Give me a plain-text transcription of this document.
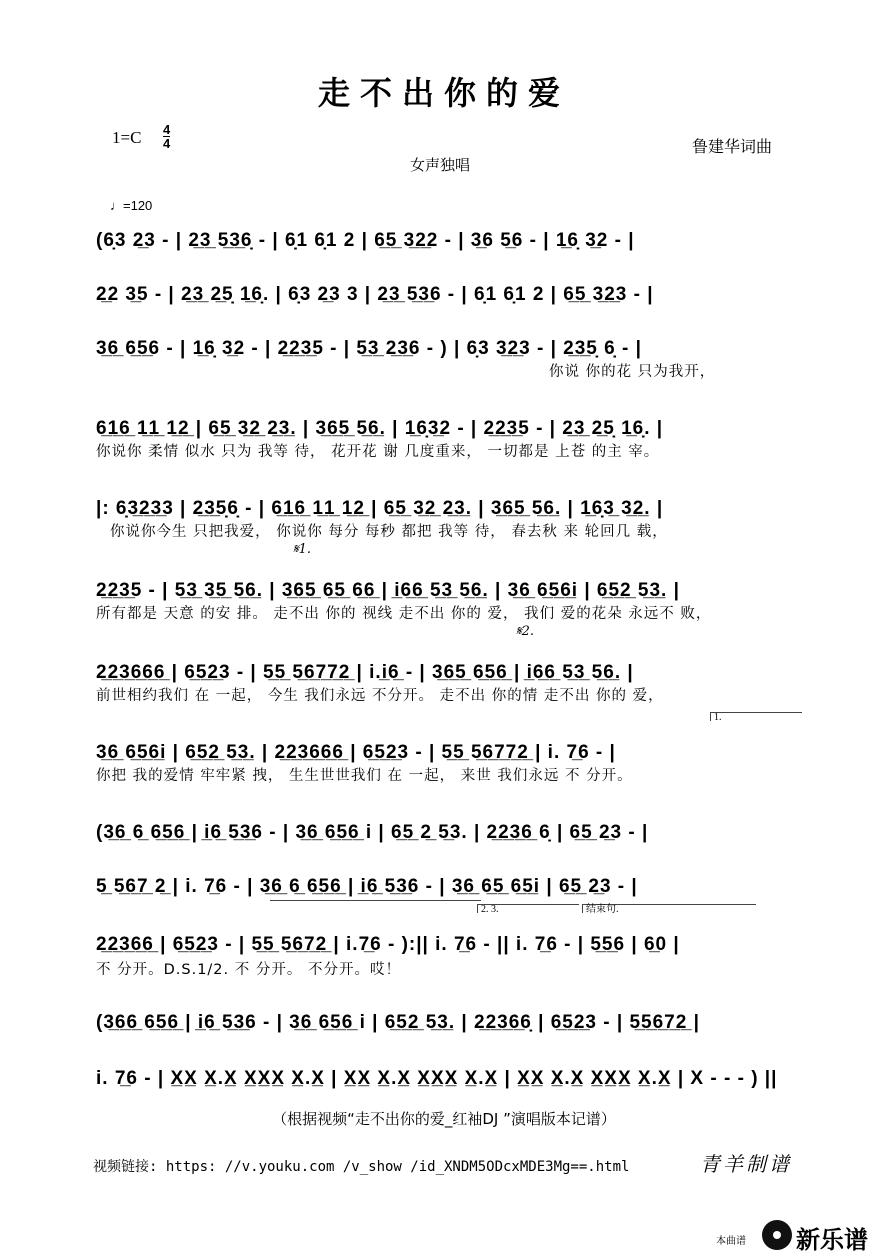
走不出你的爱
1=C 4
4	鲁建华词曲
女声独唱
♩=120
(6̣3 2̲3 - | 2̲3̲ 5̲3̲6̣ - | 6̣1 6̣1 2 | 6̲5̲ 3̲2̲2 - | 3̲6 5̲6 - | 1̲6̣ 3̲2 - |
2̲2 3̲5 - | 2̲3̲ 2̲5̣ 1̲6̣. | 6̣3 2̲3 3 | 2̲3̲ 5̲3̲6 - | 6̣1 6̣1 2 | 6̲5̲ 3̲2̲3 - |
3̲6̲ 6̲5̲6 - | 1̲6̣ 3̲2 - | 2̲2̲3̲5 - | 5̲3̲ 2̲3̲6 - ) | 6̣3 3̲2̲3 - | 2̲3̲5̣ 6̣ - |
你说 你的花 只为我开，
6̲1̲6̲ 1̲1̲ 1̲2̲ | 6̲5̲ 3̲2̲ 2̲3̲. | 3̲6̲5̲ 5̲6̲. | 1̲6̣3̲2 - | 2̲2̲3̲5 - | 2̲3̲ 2̲5̣ 1̲6̣. |
你说你 柔情 似水 只为 我等 待， 花开花 谢 几度重来， 一切都是 上苍 的主 宰。
|: 6̣3̲2̲3̲3 | 2̲3̲5̣6̣ - | 6̲1̲6̲ 1̲1̲ 1̲2̲ | 6̲5̲ 3̲2̲ 2̲3̲. | 3̲6̲5̲ 5̲6̲. | 1̲6̣3̲ 3̲2̲. |
你说你今生 只把我爱， 你说你 每分 每秒 都把 我等 待， 春去秋 来 轮回几 载，
𝄋1.
2̲2̲3̲5 - | 5̲3̲ 3̲5̲ 5̲6̲. | 3̲6̲5̲ 6̲5̲ 6̲6̲ | i̲6̲6̲ 5̲3̲ 5̲6̲. | 3̲6̲ 6̲5̲6̲i | 6̲5̲2̲ 5̲3̲. |
所有都是 天意 的安 排。 走不出 你的 视线 走不出 你的 爱， 我们 爱的花朵 永远不 败，
𝄋2.
2̲2̲3̲6̲6̲6̲ | 6̲5̲2̲3 - | 5̲5̲ 5̲6̲7̲7̲2̲ | i.i̲6̲ - | 3̲6̲5̲ 6̲5̲6̲ | i̲6̲6̲ 5̲3̲ 5̲6̲. |
前世相约我们 在 一起， 今生 我们永远 不分开。 走不出 你的情 走不出 你的 爱，
1.
3̲6̲ 6̲5̲6̲i | 6̲5̲2̲ 5̲3̲. | 2̲2̲3̲6̲6̲6̲ | 6̲5̲2̲3 - | 5̲5̲ 5̲6̲7̲7̲2̲ | i. 7̲6 - |
你把 我的爱情 牢牢紧 拽， 生生世世我们 在 一起， 来世 我们永远 不 分开。
(3̲6̲ 6̲ 6̲5̲6̲ | i̲6̲ 5̲3̲6 - | 3̲6̲ 6̲5̲6̲ i | 6̲5̲ 2̲ 5̲3. | 2̲2̲3̲6̲ 6̣ | 6̲5̲ 2̲3 - |
5̲ 5̲6̲7̲ 2̲ | i. 7̲6 - | 3̲6̲ 6̲ 6̲5̲6̲ | i̲6̲ 5̲3̲6 - | 3̲6̲ 6̲5̲ 6̲5̲i | 6̲5̲ 2̲3 - |
2. 3.	结束句.
2̲2̲3̲6̲6̲ | 6̲5̲2̲3 - | 5̲5̲ 5̲6̲7̲2̲ | i.7̲6 - ):|| i. 7̲6 - || i. 7̲6 - | 5̲5̲6 | 6̲0 |
不 分开。D.S.1/2. 不 分开。 不分开。哎！
(3̲6̲6̲ 6̲5̲6̲ | i̲6̲ 5̲3̲6 - | 3̲6̲ 6̲5̲6̲ i | 6̲5̲2̲ 5̲3̲. | 2̲2̲3̲6̲6̣ | 6̲5̲2̲3 - | 5̲5̲6̲7̲2̲ |
i. 7̲6 - | X̲X̲ X̲.X̲ X̲X̲X̲ X̲.X̲ | X̲X̲ X̲.X̲ X̲X̲X̲ X̲.X̲ | X̲X̲ X̲.X̲ X̲X̲X̲ X̲.X̲ | X - - - ) ||
（根据视频“走不出你的爱_红袖DJ ”演唱版本记谱）
视频链接: https: //v.youku.com /v_show /id_XNDM5ODcxMDE3Mg==.html	青羊制谱
本曲谱 新乐谱
